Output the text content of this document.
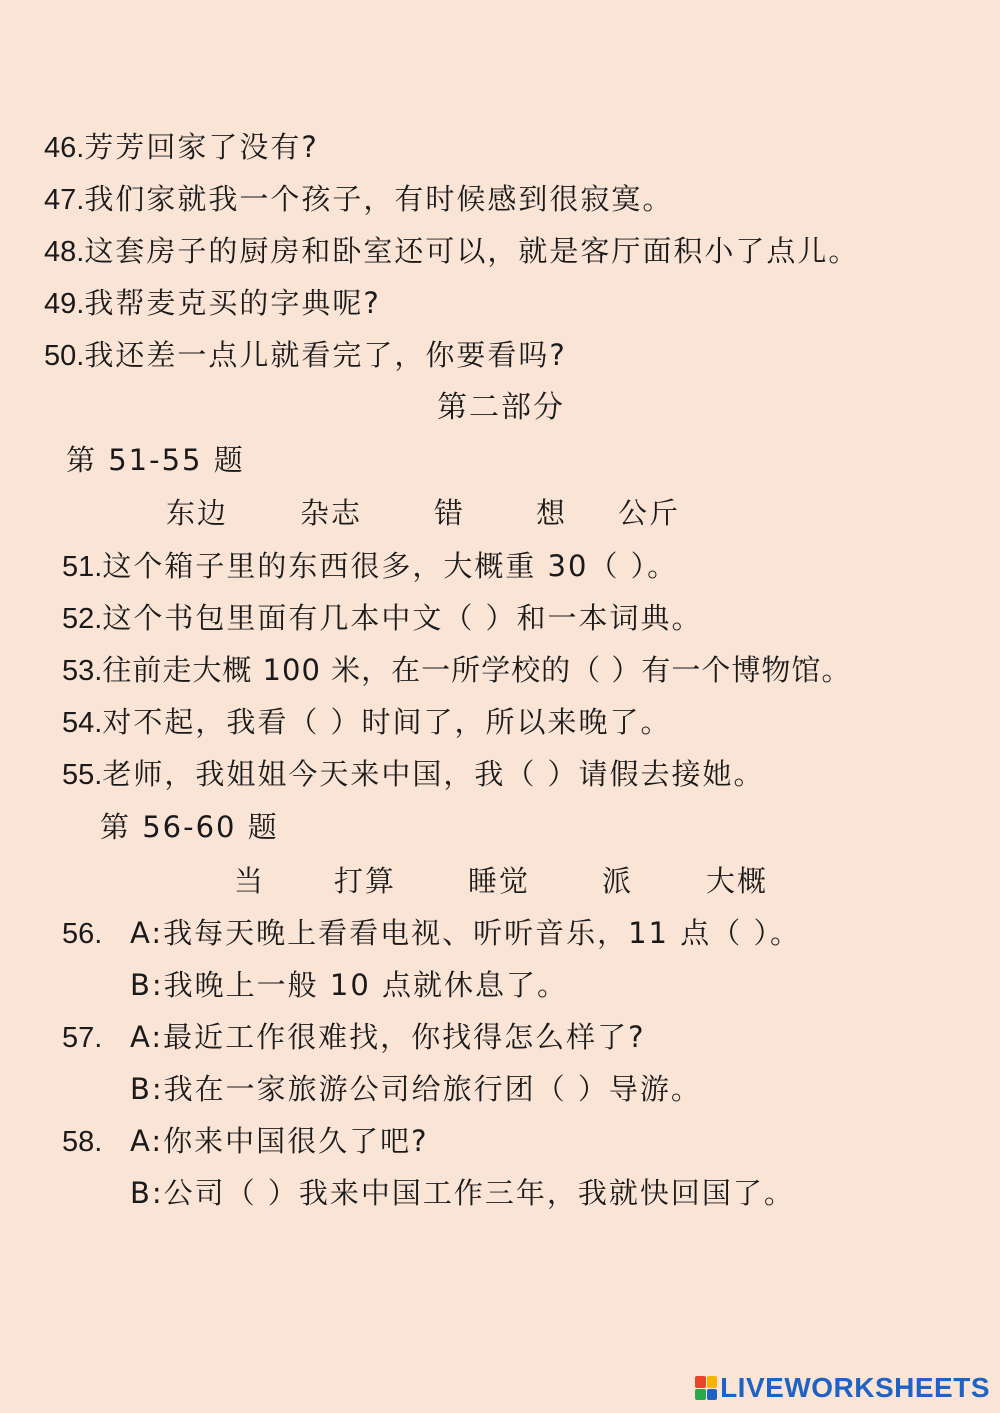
46.芳芳回家了没有?
47.我们家就我一个孩子，有时候感到很寂寞。
48.这套房子的厨房和卧室还可以，就是客厅面积小了点儿。
49.我帮麦克买的字典呢?
50.我还差一点儿就看完了，你要看吗?
第二部分
第 51-55 题
东边 杂志 错 想 公斤
51.这个箱子里的东西很多，大概重 30（ ）。
52.这个书包里面有几本中文（ ）和一本词典。
53.往前走大概 100 米，在一所学校的（ ）有一个博物馆。
54.对不起，我看（ ）时间了，所以来晚了。
55.老师，我姐姐今天来中国，我（ ）请假去接她。
第 56-60 题
当 打算 睡觉 派	大概
56. A:我每天晚上看看电视、听听音乐，11 点（ ）。
B:我晚上一般 10 点就休息了。
57. A:最近工作很难找，你找得怎么样了?
B:我在一家旅游公司给旅行团（ ）导游。
58. A:你来中国很久了吧?
B:公司（ ）我来中国工作三年，我就快回国了。
LIVEWORKSHEETS
